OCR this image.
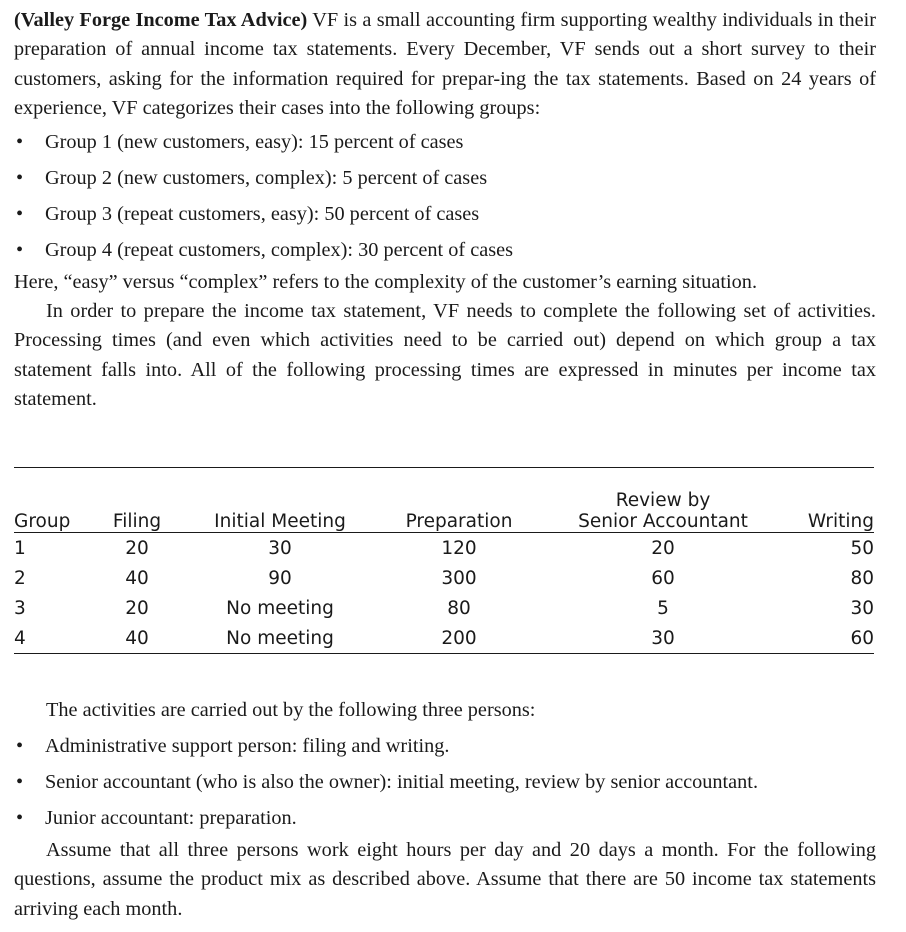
(Valley Forge Income Tax Advice) VF is a small accounting firm supporting wealthy individuals in their preparation of annual income tax statements. Every December, VF sends out a short survey to their customers, asking for the information required for prepar-ing the tax statements. Based on 24 years of experience, VF categorizes their cases into the following groups:

• Group 1 (new customers, easy): 15 percent of cases
• Group 2 (new customers, complex): 5 percent of cases
• Group 3 (repeat customers, easy): 50 percent of cases
• Group 4 (repeat customers, complex): 30 percent of cases

Here, “easy” versus “complex” refers to the complexity of the customer’s earning situation.

In order to prepare the income tax statement, VF needs to complete the following set of activities. Processing times (and even which activities need to be carried out) depend on which group a tax statement falls into. All of the following processing times are expressed in minutes per income tax statement.

Group	Filing	Initial Meeting	Preparation	Review by
Senior Accountant	Writing

1	20	30	120	20	50
2	40	90	300	60	80
3	20	No meeting	80	5	30
4	40	No meeting	200	30	60

The activities are carried out by the following three persons:

• Administrative support person: filing and writing.
• Senior accountant (who is also the owner): initial meeting, review by senior accountant.
• Junior accountant: preparation.

Assume that all three persons work eight hours per day and 20 days a month. For the following questions, assume the product mix as described above. Assume that there are 50 income tax statements arriving each month.
